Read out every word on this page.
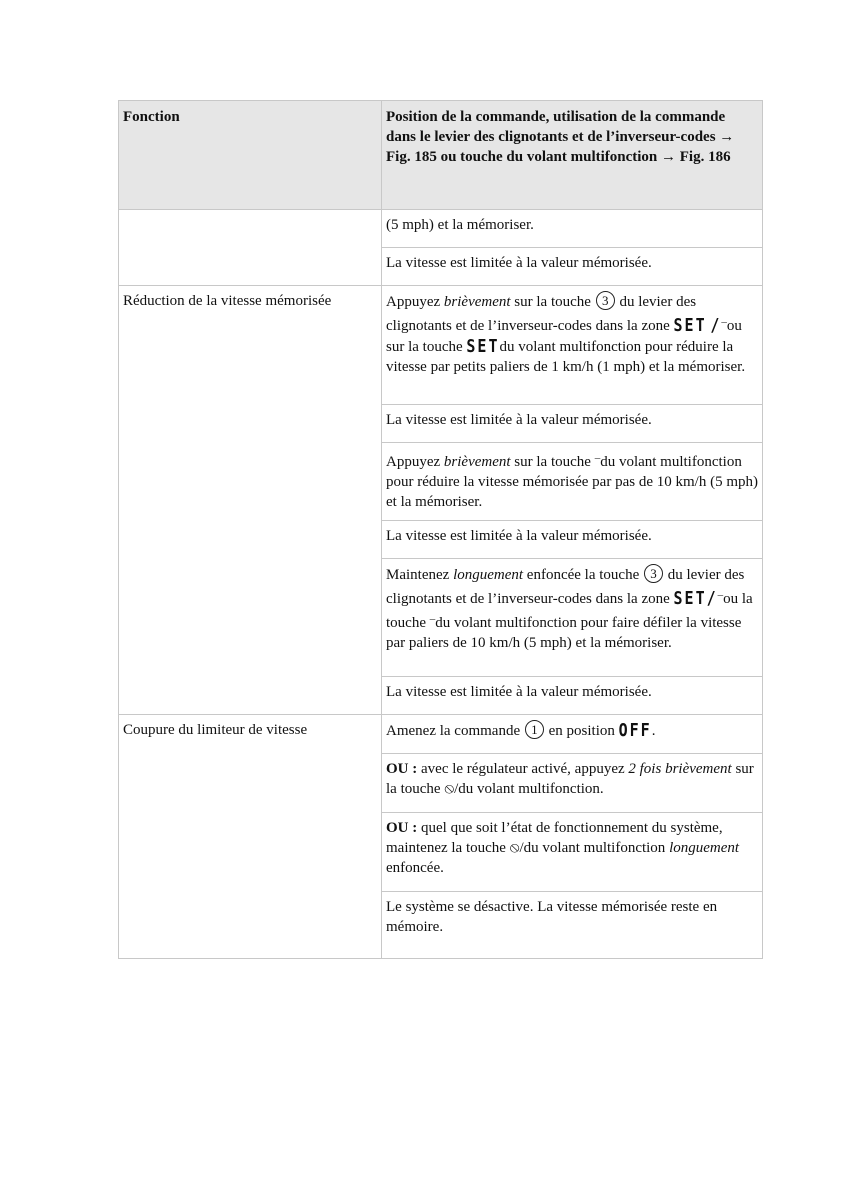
Fonction	Position de la commande, utilisation de la commande dans le levier des clignotants et de l’inverseur-codes → Fig. 185 ou touche du volant multifonction → Fig. 186

	(5 mph) et la mémoriser.

	La vitesse est limitée à la valeur mémorisée.

Réduction de la vitesse mémorisée	Appuyez brièvement sur la touche 3 du levier des clignotants et de l’inverseur-codes dans la zone SET /–ou sur la touche SETdu volant multifonction pour réduire la vitesse par petits paliers de 1 km/h (1 mph) et la mémoriser.

	La vitesse est limitée à la valeur mémorisée.

	Appuyez brièvement sur la touche –du volant multifonction pour réduire la vitesse mémorisée par pas de 10 km/h (5 mph) et la mémoriser.

	La vitesse est limitée à la valeur mémorisée.

	Maintenez longuement enfoncée la touche 3 du levier des clignotants et de l’inverseur-codes dans la zone SET/–ou la touche –du volant multifonction pour faire défiler la vitesse par paliers de 10 km/h (5 mph) et la mémoriser.

	La vitesse est limitée à la valeur mémorisée.

Coupure du limiteur de vitesse	Amenez la commande 1 en position OFF.

	OU : avec le régulateur activé, appuyez 2 fois brièvement sur la touche ⦸/du volant multifonction.

	OU : quel que soit l’état de fonctionnement du système, maintenez la touche ⦸/du volant multifonction longuement enfoncée.

	Le système se désactive. La vitesse mémorisée reste en mémoire.
